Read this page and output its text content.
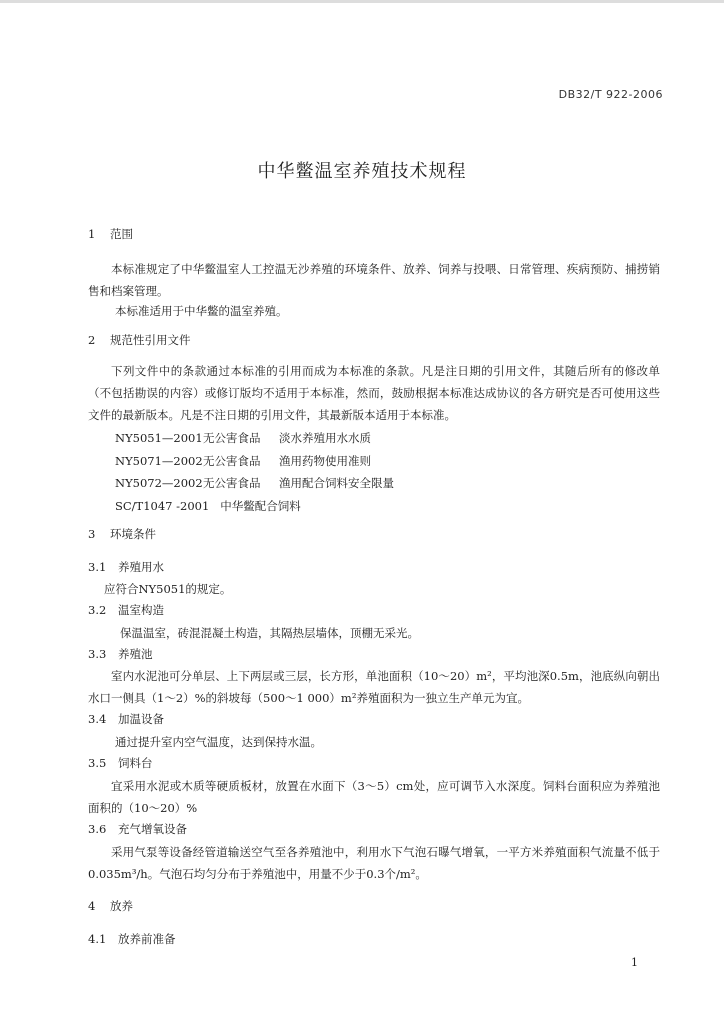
DB32/T 922-2006
中华鳖温室养殖技术规程
1 范围
本标准规定了中华鳖温室人工控温无沙养殖的环境条件、放养、饲养与投喂、日常管理、疾病预防、捕捞销售和档案管理。
本标准适用于中华鳖的温室养殖。
2 规范性引用文件
下列文件中的条款通过本标准的引用而成为本标准的条款。凡是注日期的引用文件，其随后所有的修改单（不包括勘误的内容）或修订版均不适用于本标准，然而，鼓励根据本标准达成协议的各方研究是否可使用这些文件的最新版本。凡是不注日期的引用文件，其最新版本适用于本标准。
NY5051—2001无公害食品 淡水养殖用水水质
NY5071—2002无公害食品 渔用药物使用准则
NY5072—2002无公害食品 渔用配合饲料安全限量
SC/T1047 -2001   中华鳖配合饲料
3 环境条件
3.1 养殖用水
应符合NY5051的规定。
3.2 温室构造
保温温室，砖混混凝土构造，其隔热层墙体，顶棚无采光。
3.3 养殖池
室内水泥池可分单层、上下两层或三层，长方形，单池面积（10～20）m²，平均池深0.5m，池底纵向朝出水口一侧具（1～2）%的斜坡每（500～1 000）m²养殖面积为一独立生产单元为宜。
3.4 加温设备
通过提升室内空气温度，达到保持水温。
3.5 饲料台
宜采用水泥或木质等硬质板材，放置在水面下（3～5）cm处，应可调节入水深度。饲料台面积应为养殖池面积的（10～20）%
3.6 充气增氧设备
采用气泵等设备经管道输送空气至各养殖池中，利用水下气泡石曝气增氧，一平方米养殖面积气流量不低于0.035m³/h。气泡石均匀分布于养殖池中，用量不少于0.3个/m²。
4 放养
4.1 放养前准备
1
